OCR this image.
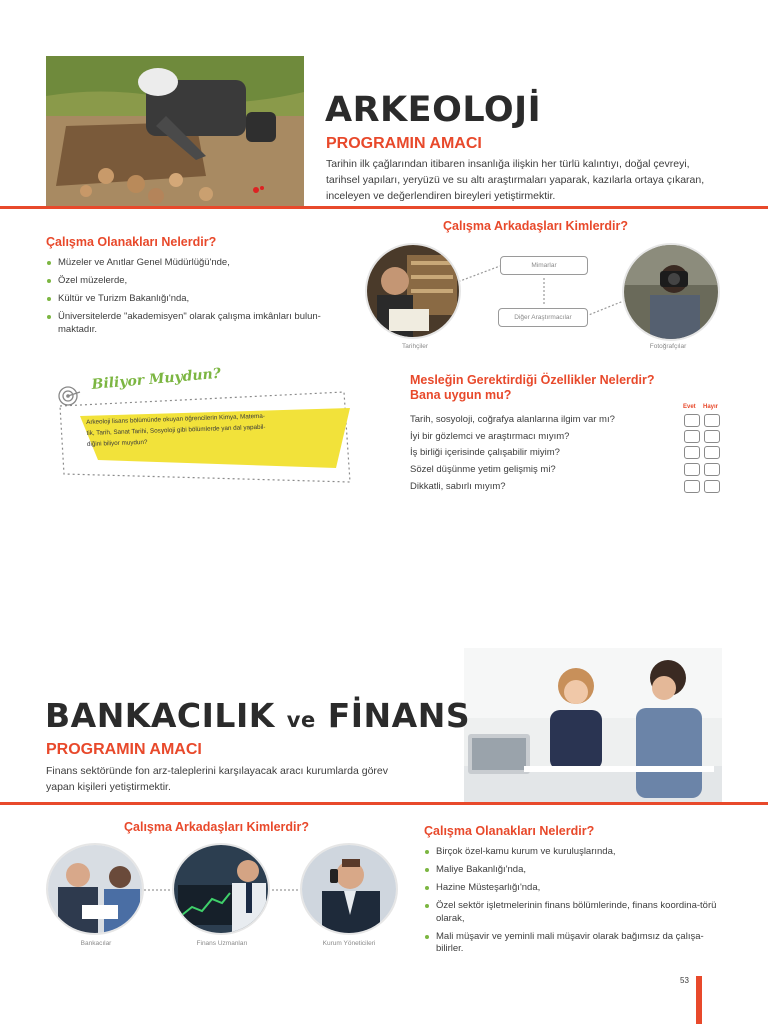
ARKEOLOJİ
PROGRAMIN AMACI
Tarihin ilk çağlarından itibaren insanlığa ilişkin her türlü kalıntıyı, doğal çevreyi,
tarihsel yapıları, yeryüzü ve su altı araştırmaları yaparak, kazılarla ortaya çıkaran,
inceleyen ve değerlendiren bireyleri yetiştirmektir.
Çalışma Olanakları Nelerdir?
Müzeler ve Anıtlar Genel Müdürlüğü'nde,
Özel müzelerde,
Kültür ve Turizm Bakanlığı'nda,
Üniversitelerde "akademisyen" olarak çalışma imkânları bulun-maktadır.
Çalışma Arkadaşları Kimlerdir?
Tarihçiler
Mimarlar
Diğer Araştırmacılar
Fotoğrafçılar
Biliyor Muydun?
Arkeoloji lisans bölümünde okuyan öğrencilerin Kimya, Matema-
tik, Tarih, Sanat Tarihi, Sosyoloji gibi bölümlerde yan dal yapabil-
diğini biliyor muydun?
Mesleğin Gerektirdiği Özellikler Nelerdir?
Bana uygun mu?
Evet Hayır
Tarih, sosyoloji, coğrafya alanlarına ilgim var mı?
İyi bir gözlemci ve araştırmacı mıyım?
İş birliği içerisinde çalışabilir miyim?
Sözel düşünme yetim gelişmiş mi?
Dikkatli, sabırlı mıyım?
BANKACILIK ve FİNANS
PROGRAMIN AMACI
Finans sektöründe fon arz-taleplerini karşılayacak aracı kurumlarda görev
yapan kişileri yetiştirmektir.
Çalışma Arkadaşları Kimlerdir?
Bankacılar	Finans Uzmanları	Kurum Yöneticileri
Çalışma Olanakları Nelerdir?
Birçok özel-kamu kurum ve kuruluşlarında,
Maliye Bakanlığı'nda,
Hazine Müsteşarlığı'nda,
Özel sektör işletmelerinin finans bölümlerinde, finans koordina-törü olarak,
Mali müşavir ve yeminli mali müşavir olarak bağımsız da çalışa-bilirler.
53
